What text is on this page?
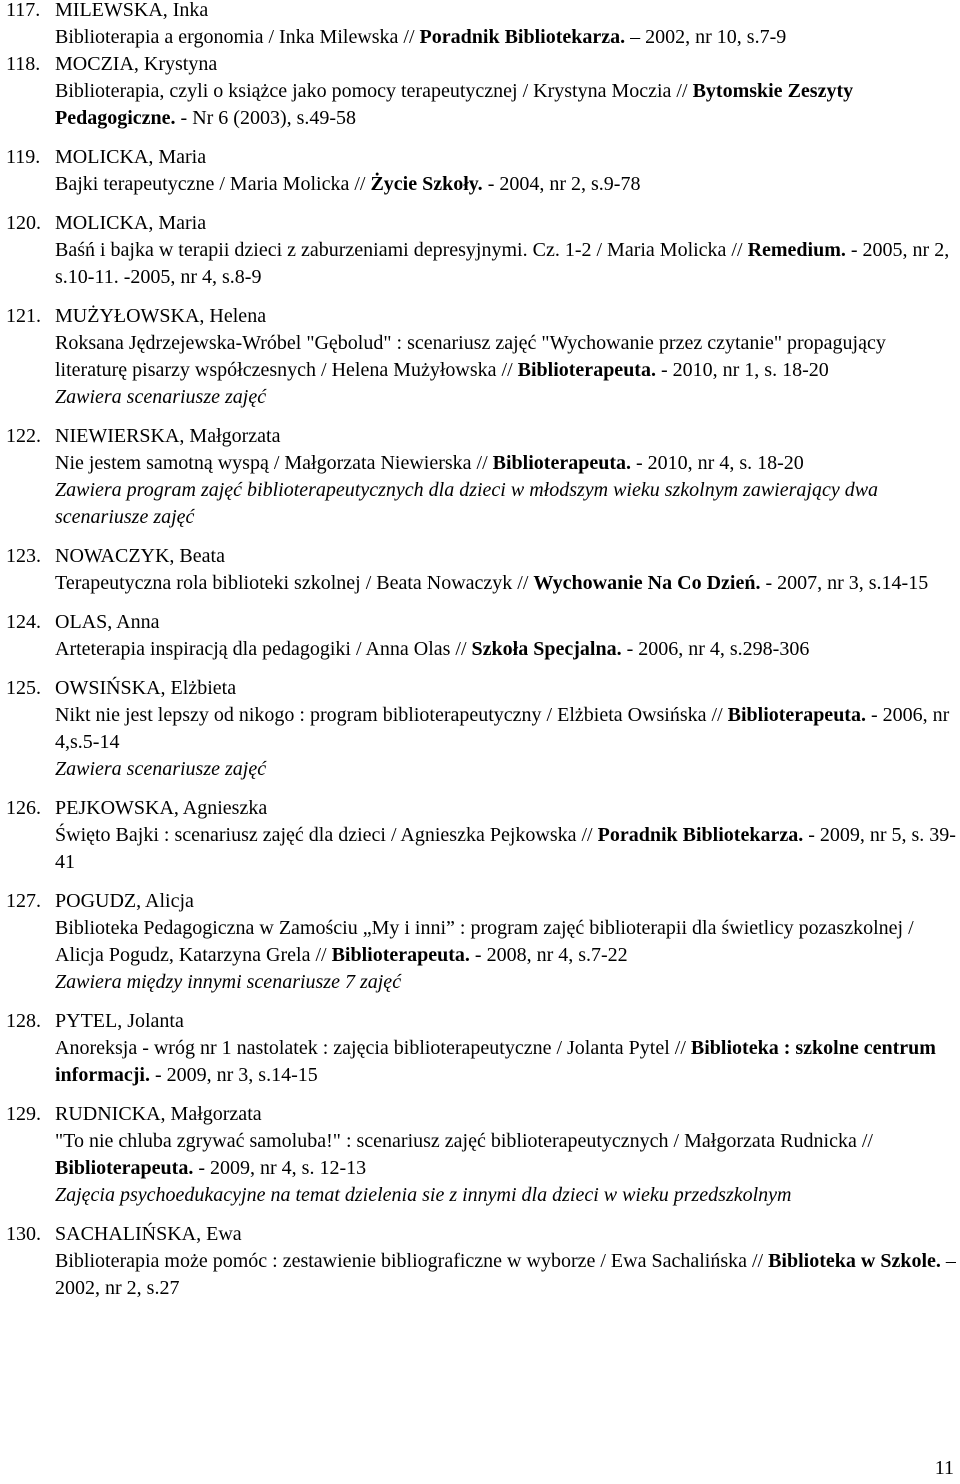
117. MILEWSKA, Inka
Biblioterapia a ergonomia / Inka Milewska // Poradnik Bibliotekarza. – 2002, nr 10, s.7-9
118. MOCZIA, Krystyna
Biblioterapia, czyli o książce jako pomocy terapeutycznej / Krystyna Moczia // Bytomskie Zeszyty Pedagogiczne. - Nr 6 (2003), s.49-58
119. MOLICKA, Maria
Bajki terapeutyczne / Maria Molicka // Życie Szkoły. - 2004, nr 2, s.9-78
120. MOLICKA, Maria
Baśń i bajka w terapii dzieci z zaburzeniami depresyjnymi. Cz. 1-2 / Maria Molicka // Remedium. - 2005, nr 2, s.10-11. -2005, nr 4, s.8-9
121. MUŻYŁOWSKA, Helena
Roksana Jędrzejewska-Wróbel "Gębolud" : scenariusz zajęć "Wychowanie przez czytanie" propagujący literaturę pisarzy współczesnych / Helena Mużyłowska // Biblioterapeuta. - 2010, nr 1, s. 18-20
Zawiera scenariusze zajęć
122. NIEWIERSKA, Małgorzata
Nie jestem samotną wyspą / Małgorzata Niewierska // Biblioterapeuta. - 2010, nr 4, s. 18-20
Zawiera program zajęć biblioterapeutycznych dla dzieci w młodszym wieku szkolnym zawierający dwa scenariusze zajęć
123. NOWACZYK, Beata
Terapeutyczna rola biblioteki szkolnej / Beata Nowaczyk // Wychowanie Na Co Dzień. - 2007, nr 3, s.14-15
124. OLAS, Anna
Arteterapia inspiracją dla pedagogiki / Anna Olas // Szkoła Specjalna. - 2006, nr 4, s.298-306
125. OWSIŃSKA, Elżbieta
Nikt nie jest lepszy od nikogo : program biblioterapeutyczny / Elżbieta Owsińska // Biblioterapeuta. - 2006, nr 4,s.5-14
Zawiera scenariusze zajęć
126. PEJKOWSKA, Agnieszka
Święto Bajki : scenariusz zajęć dla dzieci / Agnieszka Pejkowska // Poradnik Bibliotekarza. - 2009, nr 5, s. 39-41
127. POGUDZ, Alicja
Biblioteka Pedagogiczna w Zamościu „My i inni” : program zajęć biblioterapii dla świetlicy pozaszkolnej / Alicja Pogudz, Katarzyna Grela // Biblioterapeuta. - 2008, nr 4, s.7-22
Zawiera między innymi scenariusze 7 zajęć
128. PYTEL, Jolanta
Anoreksja - wróg nr 1 nastolatek : zajęcia biblioterapeutyczne / Jolanta Pytel // Biblioteka : szkolne centrum informacji. - 2009, nr 3, s.14-15
129. RUDNICKA, Małgorzata
"To nie chluba zgrywać samoluba!" : scenariusz zajęć biblioterapeutycznych / Małgorzata Rudnicka // Biblioterapeuta. - 2009, nr 4, s. 12-13
Zajęcia psychoedukacyjne na temat dzielenia sie z innymi dla dzieci w wieku przedszkolnym
130. SACHALIŃSKA, Ewa
Biblioterapia może pomóc : zestawienie bibliograficzne w wyborze / Ewa Sachalińska // Biblioteka w Szkole. – 2002, nr 2, s.27
11
